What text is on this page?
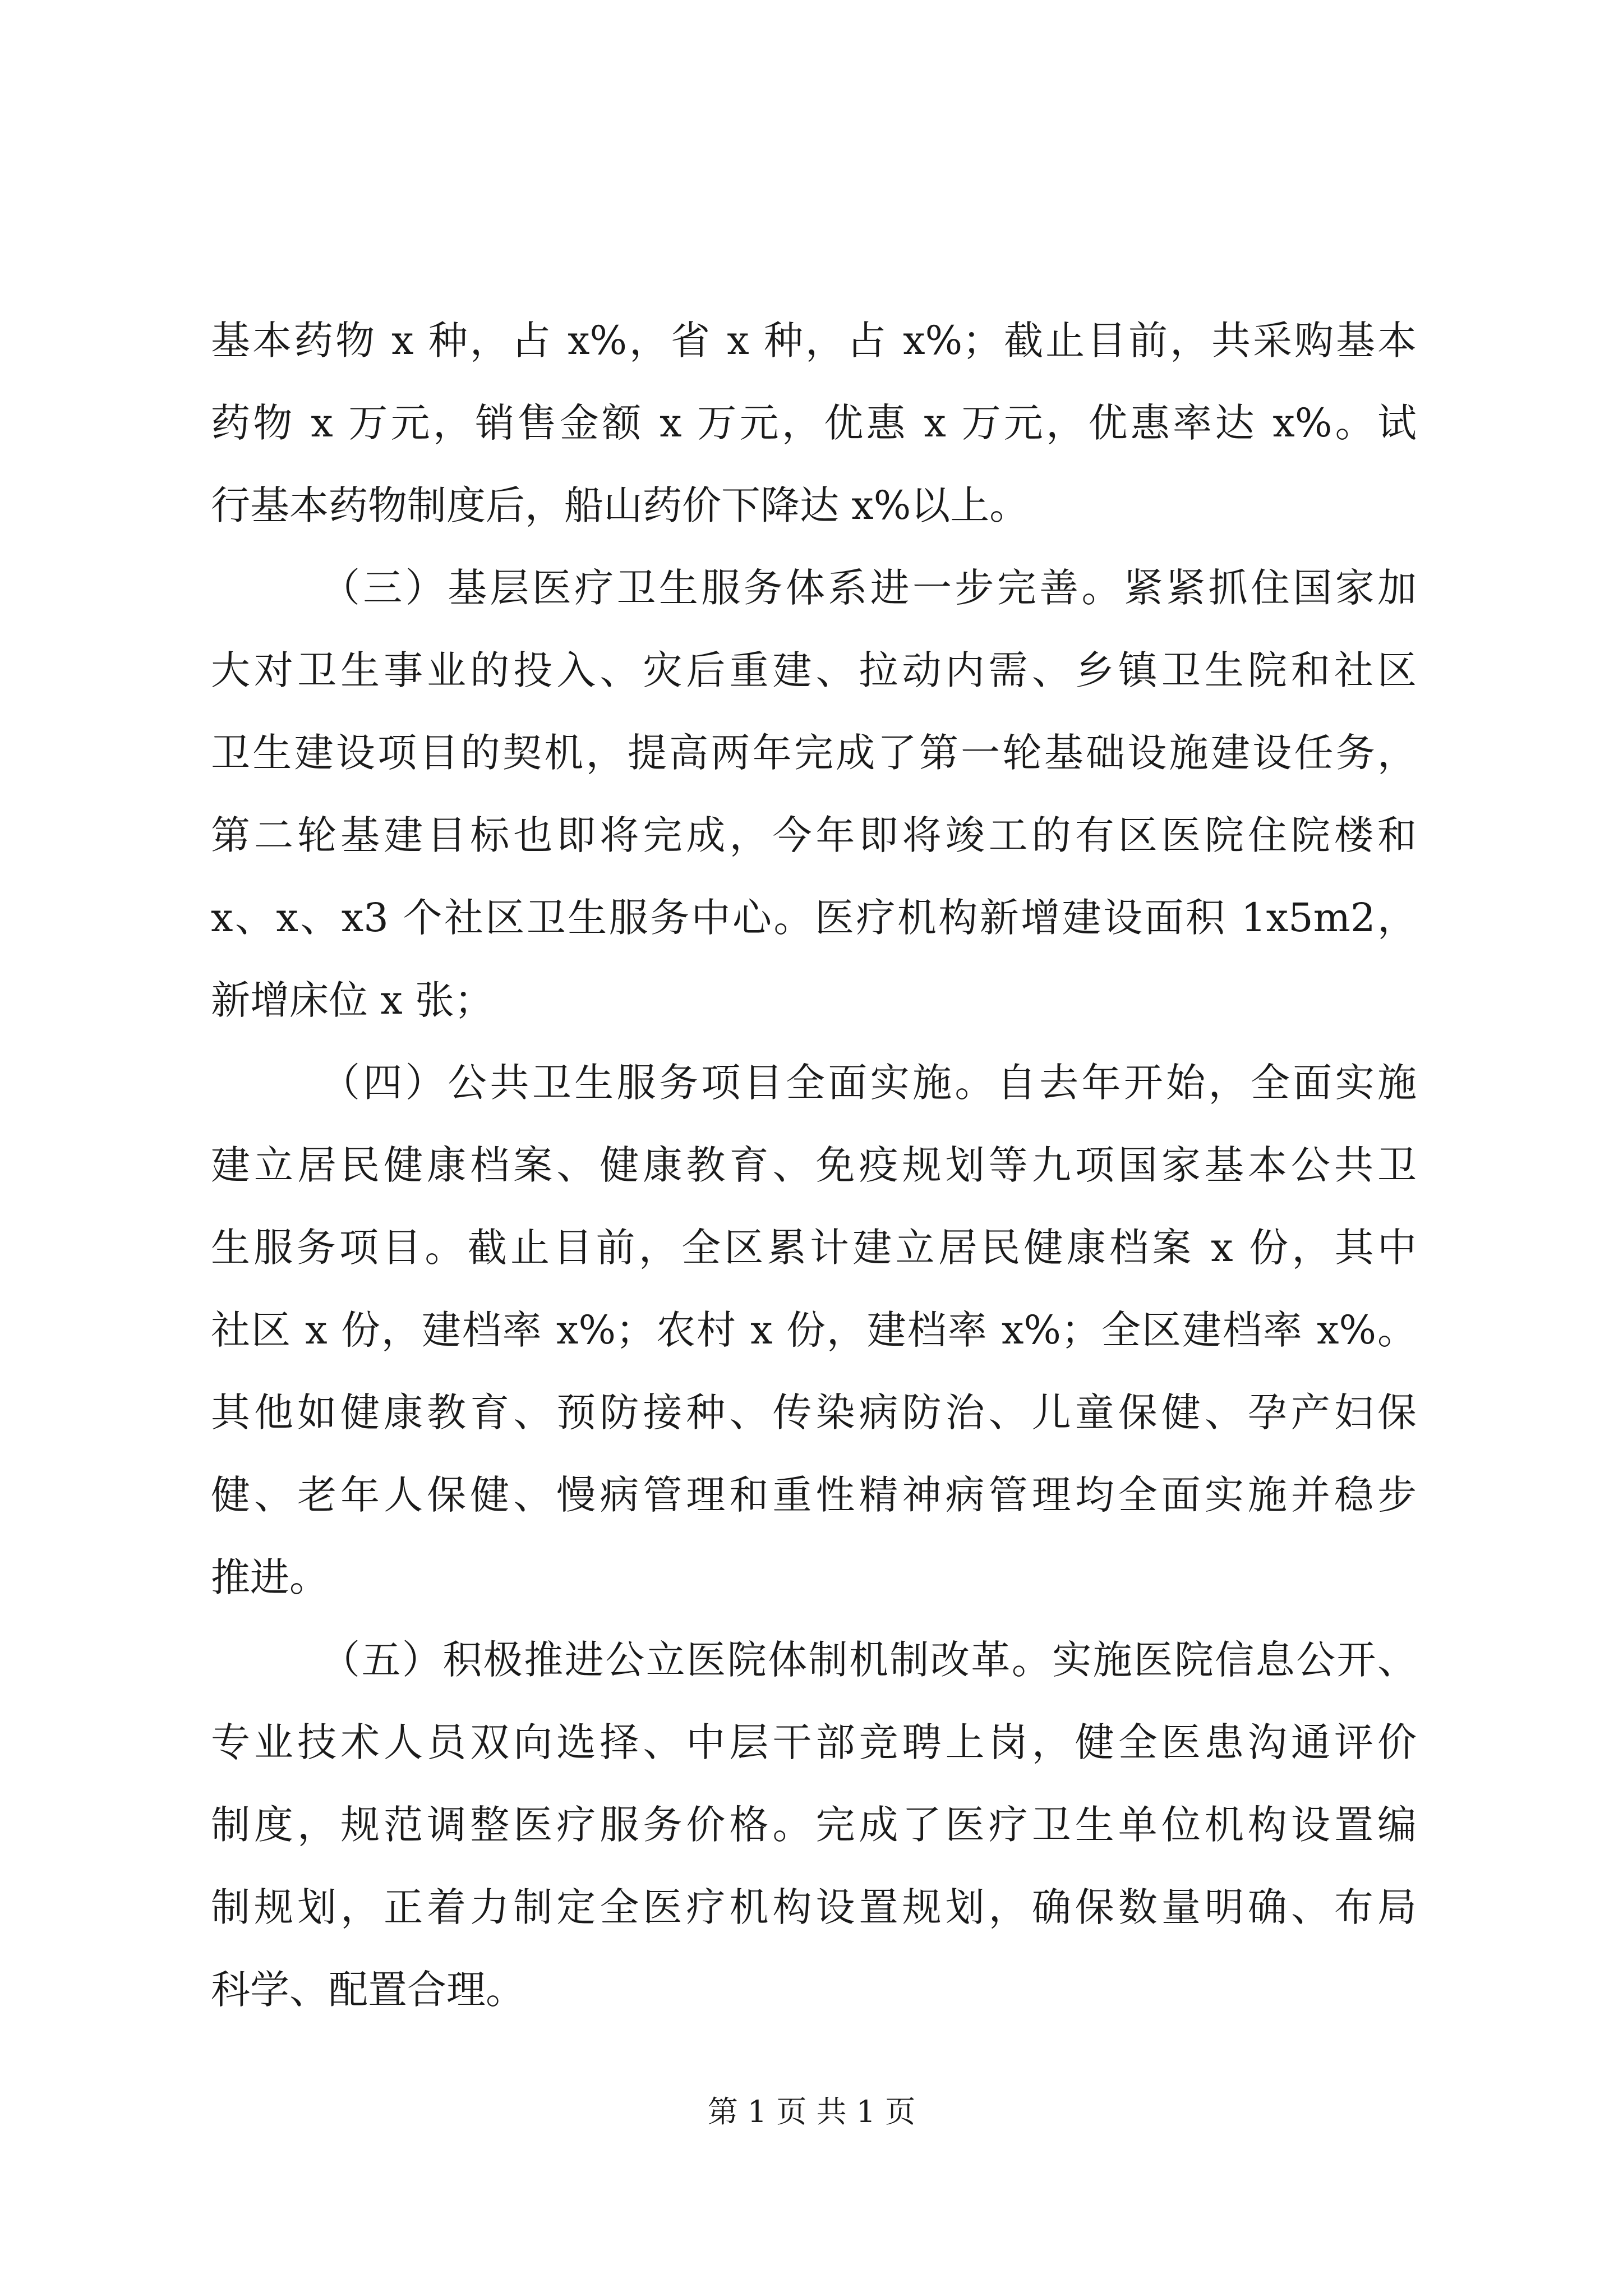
基本药物 x 种，占 x%，省 x 种，占 x%；截止目前，共采购基本
药物 x 万元，销售金额 x 万元，优惠 x 万元，优惠率达 x%。试
行基本药物制度后，船山药价下降达 x%以上。
（三）基层医疗卫生服务体系进一步完善。紧紧抓住国家加
大对卫生事业的投入、灾后重建、拉动内需、乡镇卫生院和社区
卫生建设项目的契机，提高两年完成了第一轮基础设施建设任务，
第二轮基建目标也即将完成，今年即将竣工的有区医院住院楼和
x、x、x3 个社区卫生服务中心。医疗机构新增建设面积 1x5m2，
新增床位 x 张；
（四）公共卫生服务项目全面实施。自去年开始，全面实施
建立居民健康档案、健康教育、免疫规划等九项国家基本公共卫
生服务项目。截止目前，全区累计建立居民健康档案 x 份，其中
社区 x 份，建档率 x%；农村 x 份，建档率 x%；全区建档率 x%。
其他如健康教育、预防接种、传染病防治、儿童保健、孕产妇保
健、老年人保健、慢病管理和重性精神病管理均全面实施并稳步
推进。
（五）积极推进公立医院体制机制改革。实施医院信息公开、
专业技术人员双向选择、中层干部竞聘上岗，健全医患沟通评价
制度，规范调整医疗服务价格。完成了医疗卫生单位机构设置编
制规划，正着力制定全医疗机构设置规划，确保数量明确、布局
科学、配置合理。
第 1 页 共 1 页
